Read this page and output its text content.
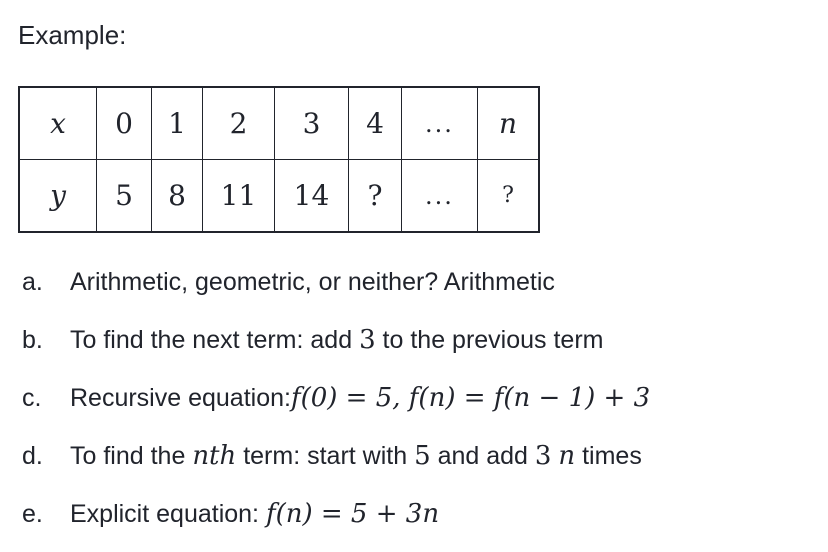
Example:
x	0	1	2	3	4	...	n
y	5	8	11	14	?	...	?
a. Arithmetic, geometric, or neither? Arithmetic
b. To find the next term: add 3 to the previous term
c. Recursive equation:f(0) = 5, f(n) = f(n − 1) + 3
d. To find the nth term: start with 5 and add 3 n times
e. Explicit equation: f(n) = 5 + 3n
